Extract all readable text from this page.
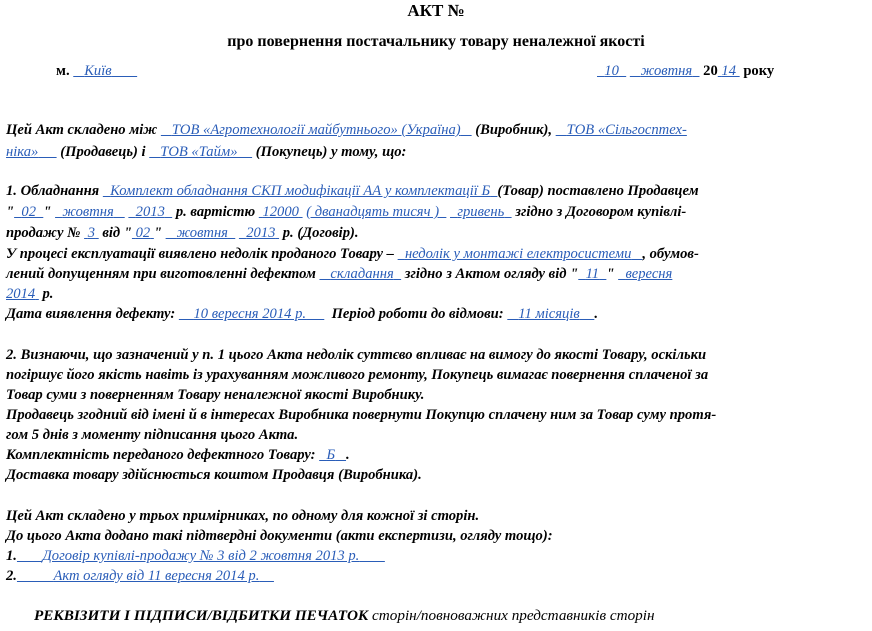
АКТ №
про повернення постачальнику товару неналежної якості
м. Київ	10 жовтня 20 14 року
Цей Акт складено між ТОВ «Агротехнології майбутнього» (Україна) (Виробник), ТОВ «Сільгосптех-
ніка» (Продавець) і ТОВ «Тайм» (Покупець) у тому, що:
1. Обладнання Комплект обладнання СКП модифікації АА у комплектації Б (Товар) поставлено Продавцем
" 02 " жовтня 2013 р. вартістю 12000 ( дванадцять тисяч ) гривень згідно з Договором купівлі-
продажу № 3 від " 02 " жовтня 2013 р. (Договір).
У процесі експлуатації виявлено недолік проданого Товару – недолік у монтажі електросистеми , обумов-
лений допущенням при виготовленні дефектом складання згідно з Актом огляду від " 11 " вересня
2014 р.
Дата виявлення дефекту: 10 вересня 2014 р. Період роботи до відмови: 11 місяців .
2. Визнаючи, що зазначений у п. 1 цього Акта недолік суттєво впливає на вимогу до якості Товару, оскільки
погіршує його якість навіть із урахуванням можливого ремонту, Покупець вимагає повернення сплаченої за
Товар суми з поверненням Товару неналежної якості Виробнику.
Продавець згодний від імені й в інтересах Виробника повернути Покупцю сплачену ним за Товар суму протя-
гом 5 днів з моменту підписання цього Акта.
Комплектність переданого дефектного Товару: Б .
Доставка товару здійснюється коштом Продавця (Виробника).
Цей Акт складено у трьох примірниках, по одному для кожної зі сторін.
До цього Акта додано такі підтвердні документи (акти експертизи, огляду тощо):
1. Договір купівлі-продажу № 3 від 2 жовтня 2013 р.
2. Акт огляду від 11 вересня 2014 р.
РЕКВІЗИТИ І ПІДПИСИ/ВІДБИТКИ ПЕЧАТОК сторін/повноважних представників сторін
